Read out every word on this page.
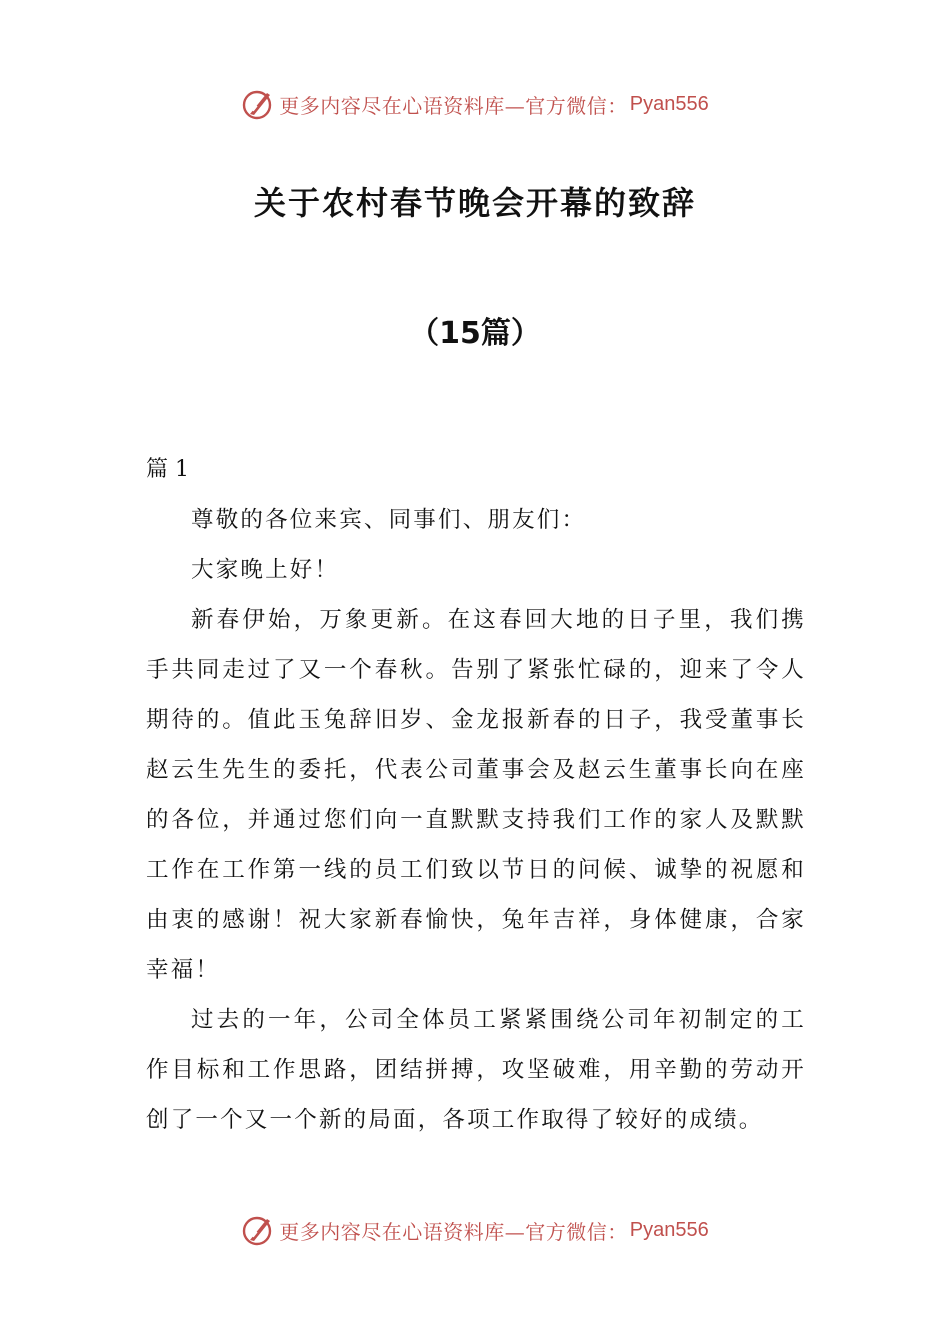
更多内容尽在心语资料库—官方微信： Pyan556
关于农村春节晚会开幕的致辞
（15篇）

篇 1

尊敬的各位来宾、同事们、朋友们：

大家晚上好！

新春伊始，万象更新。在这春回大地的日子里，我们携手共同走过了又一个春秋。告别了紧张忙碌的，迎来了令人期待的。值此玉兔辞旧岁、金龙报新春的日子，我受董事长赵云生先生的委托，代表公司董事会及赵云生董事长向在座的各位，并通过您们向一直默默支持我们工作的家人及默默工作在工作第一线的员工们致以节日的问候、诚挚的祝愿和由衷的感谢！祝大家新春愉快，兔年吉祥，身体健康，合家幸福！

过去的一年，公司全体员工紧紧围绕公司年初制定的工作目标和工作思路，团结拼搏，攻坚破难，用辛勤的劳动开创了一个又一个新的局面，各项工作取得了较好的成绩。

更多内容尽在心语资料库—官方微信： Pyan556
